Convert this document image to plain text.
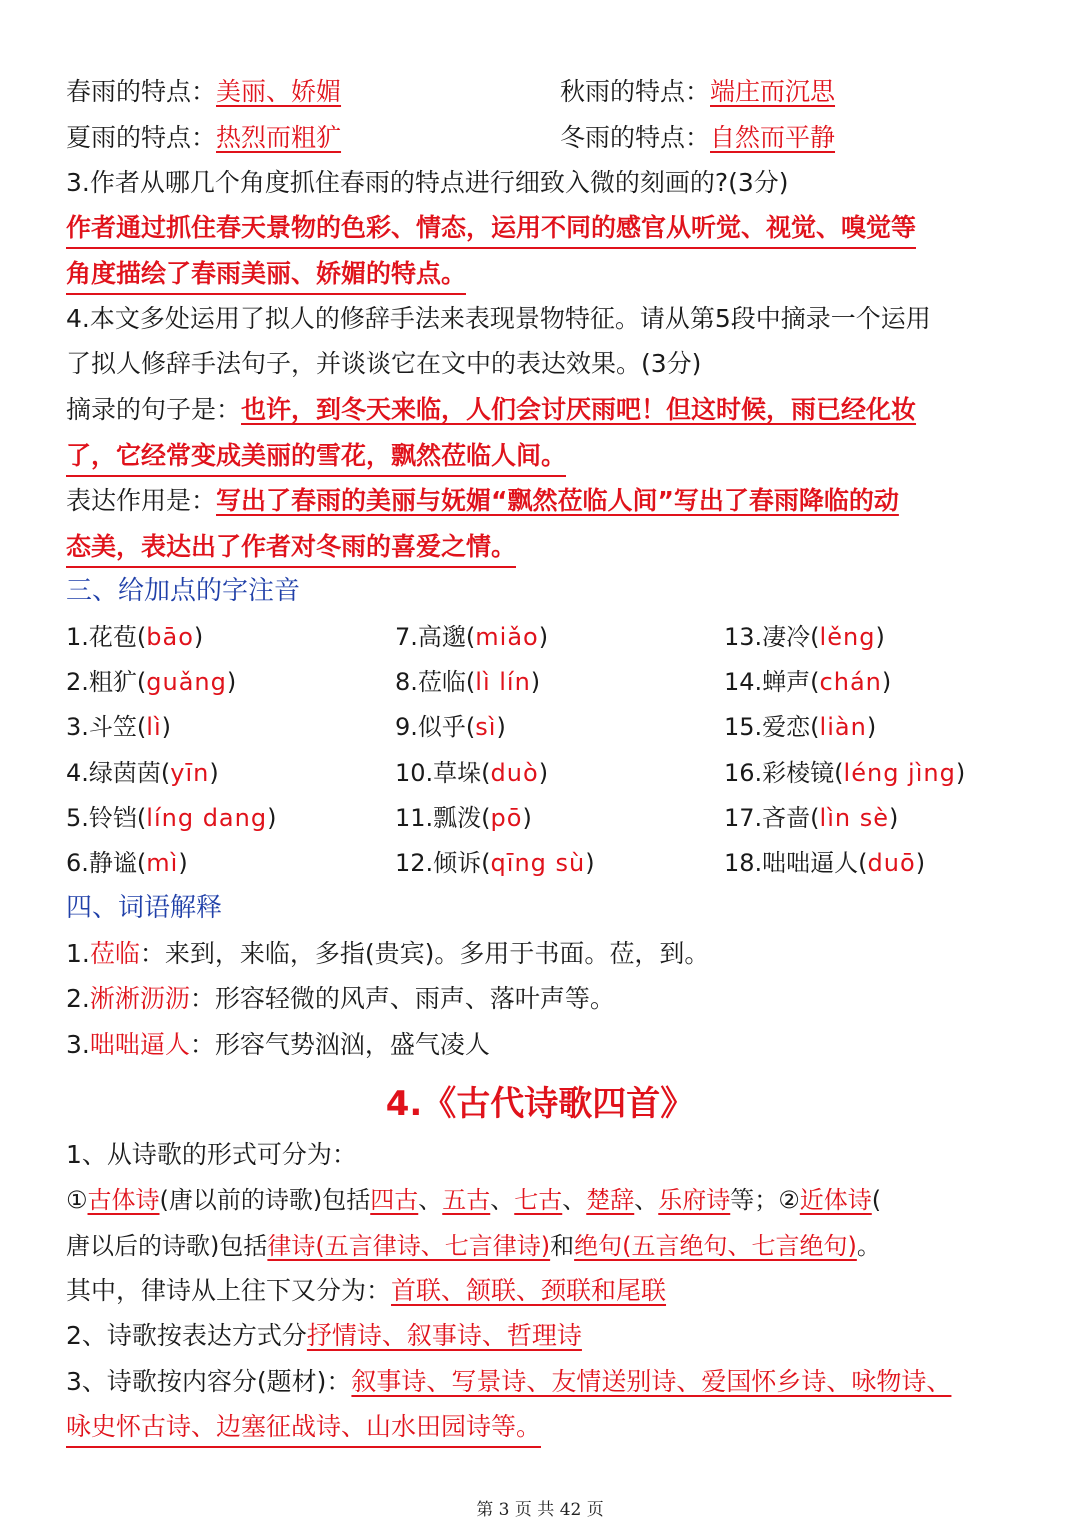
春雨的特点：美丽、娇媚	秋雨的特点：端庄而沉思
夏雨的特点：热烈而粗犷	冬雨的特点：自然而平静
3.作者从哪几个角度抓住春雨的特点进行细致入微的刻画的?(3分)
作者通过抓住春天景物的色彩、情态，运用不同的感官从听觉、视觉、嗅觉等
角度描绘了春雨美丽、娇媚的特点。
4.本文多处运用了拟人的修辞手法来表现景物特征。请从第5段中摘录一个运用
了拟人修辞手法句子，并谈谈它在文中的表达效果。(3分)
摘录的句子是：也许，到冬天来临，人们会讨厌雨吧！但这时候，雨已经化妆
了，它经常变成美丽的雪花，飘然莅临人间。
表达作用是：写出了春雨的美丽与妩媚“飘然莅临人间”写出了春雨降临的动
态美，表达出了作者对冬雨的喜爱之情。
三、给加点的字注音
1.花苞(bāo)
2.粗犷(guǎng)
3.斗笠(lì)
4.绿茵茵(yīn)
5.铃铛(líng dang)
6.静谧(mì)
7.高邈(miǎo)
8.莅临(lì lín)
9.似乎(sì)
10.草垛(duò)
11.瓢泼(pō)
12.倾诉(qīng sù)
13.凄冷(lěng)
14.蝉声(chán)
15.爱恋(liàn)
16.彩棱镜(léng jìng)
17.吝啬(lìn sè)
18.咄咄逼人(duō)
四、词语解释
1.莅临：来到，来临，多指(贵宾)。多用于书面。莅，到。
2.淅淅沥沥：形容轻微的风声、雨声、落叶声等。
3.咄咄逼人：形容气势汹汹，盛气凌人
4.《古代诗歌四首》
1、从诗歌的形式可分为：
①古体诗(唐以前的诗歌)包括四古、五古、七古、楚辞、乐府诗等；②近体诗(
唐以后的诗歌)包括律诗(五言律诗、七言律诗)和绝句(五言绝句、七言绝句)。
其中，律诗从上往下又分为：首联、颔联、颈联和尾联
2、诗歌按表达方式分抒情诗、叙事诗、哲理诗
3、诗歌按内容分(题材)：叙事诗、写景诗、友情送别诗、爱国怀乡诗、咏物诗、
咏史怀古诗、边塞征战诗、山水田园诗等。
第 3 页 共 42 页
